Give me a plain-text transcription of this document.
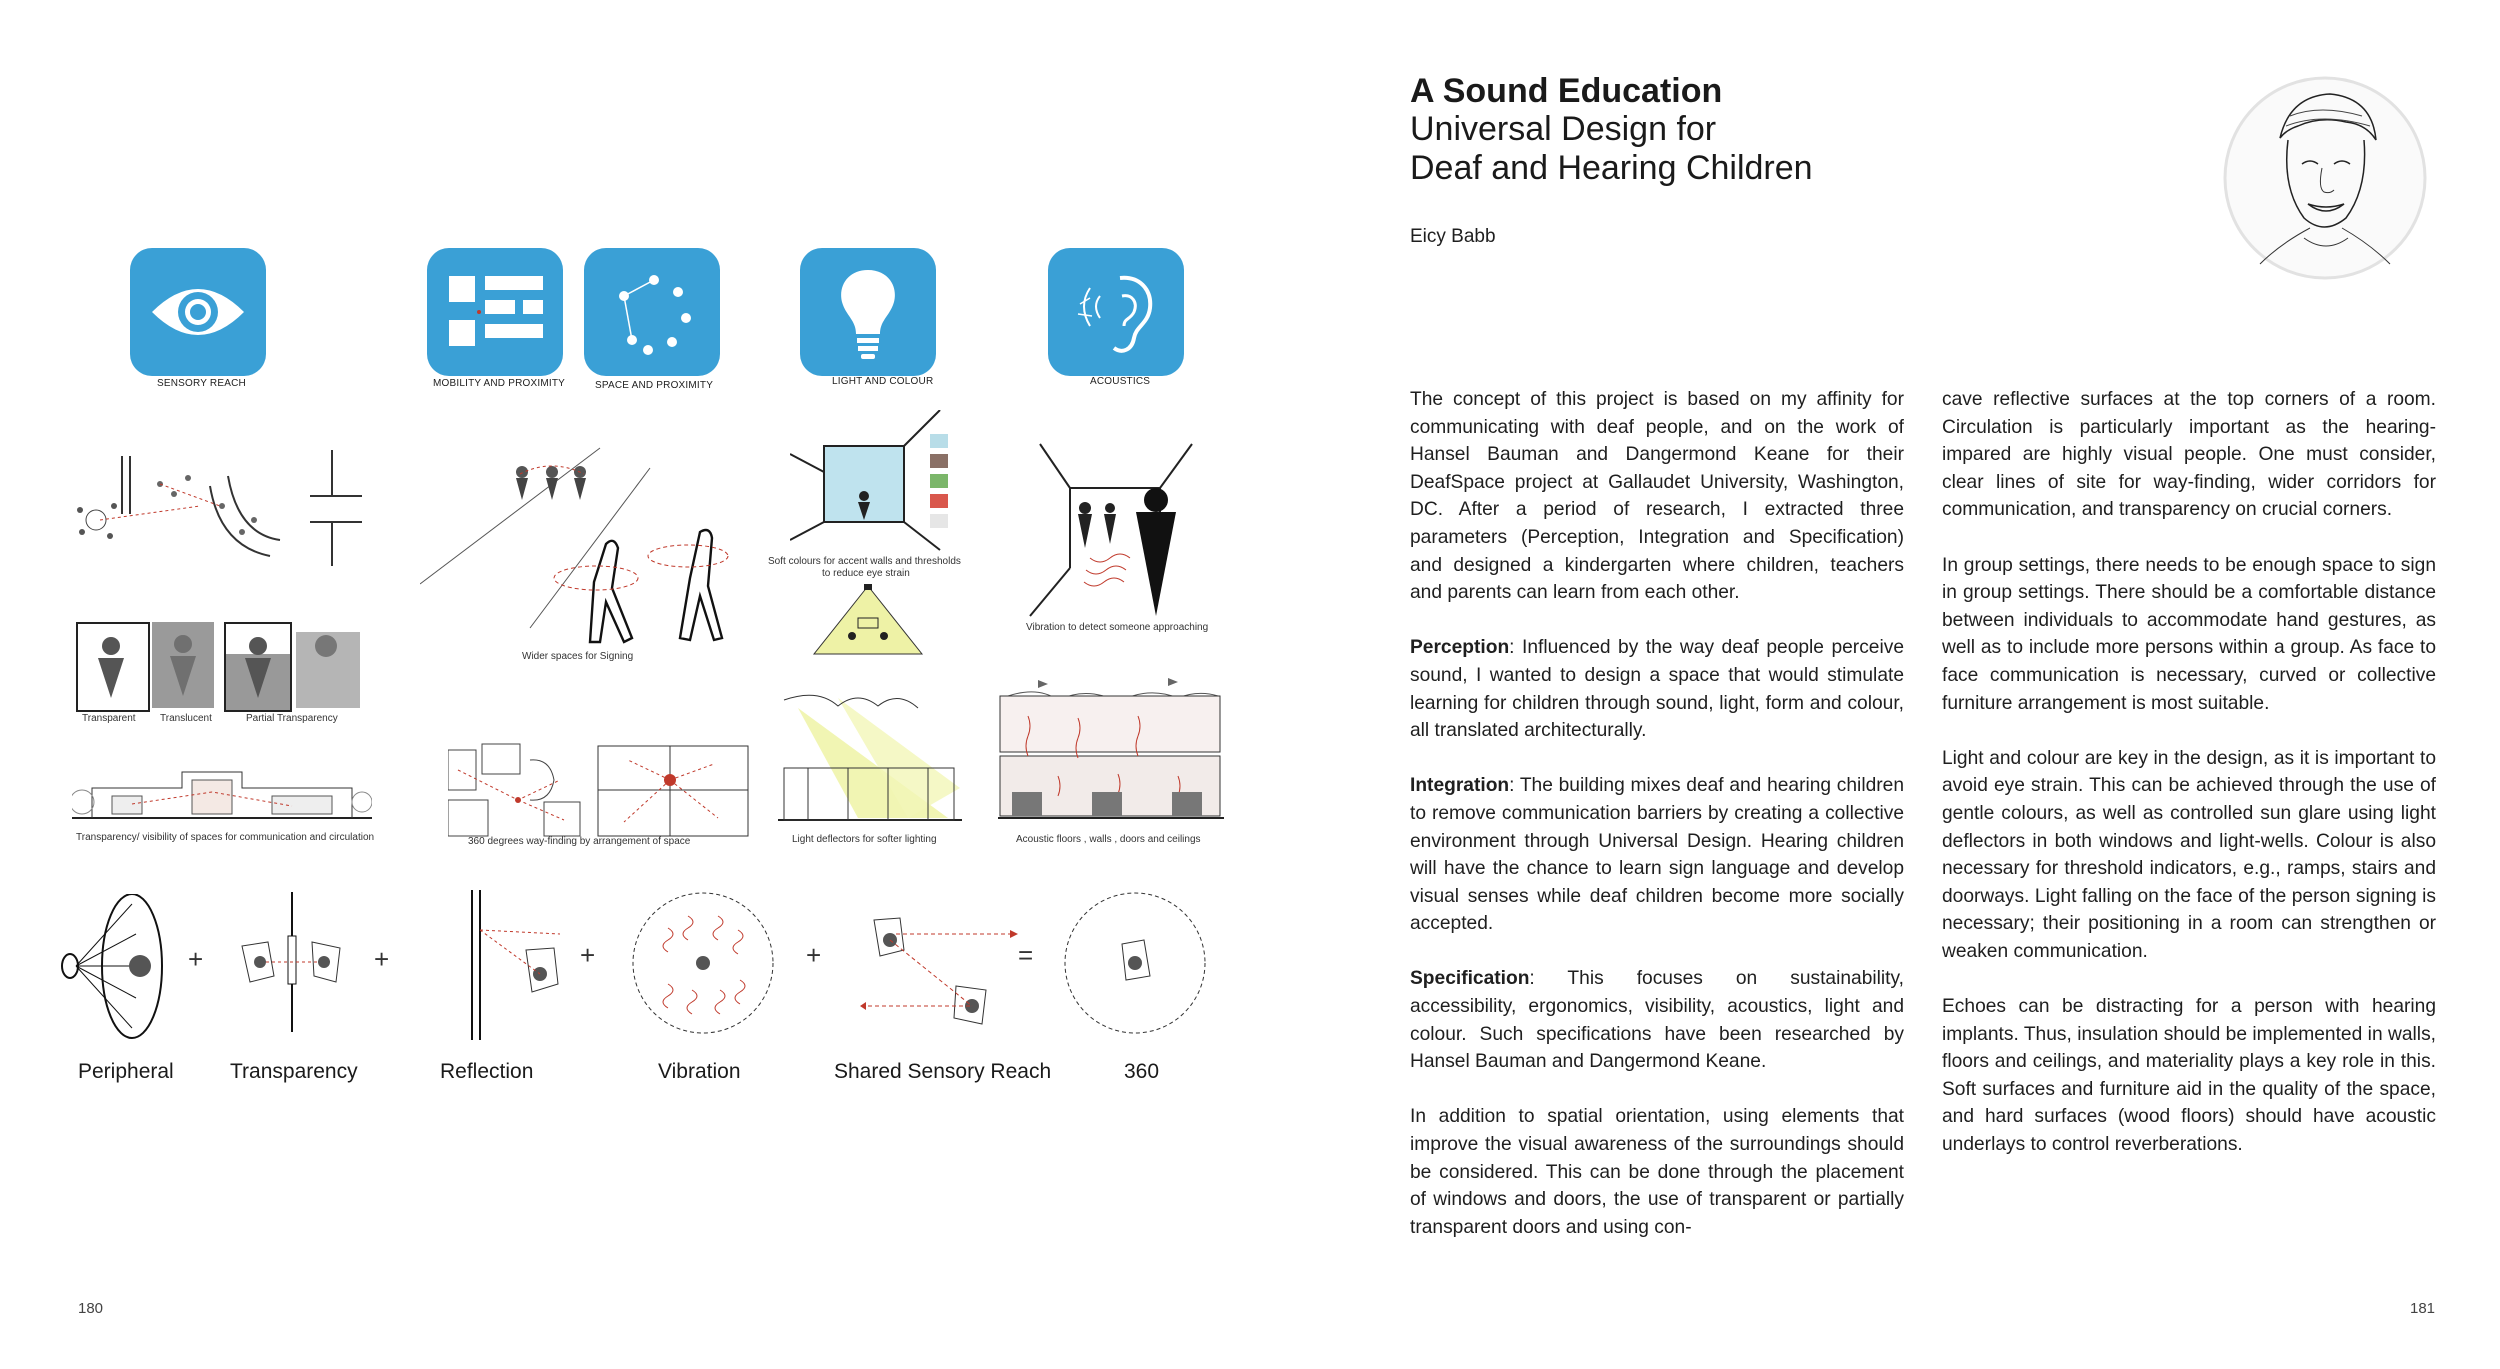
SENSORY REACH	MOBILITY AND PROXIMITY	SPACE AND PROXIMITY	LIGHT AND COLOUR	ACOUSTICS
Wider spaces for Signing
Soft colours for accent walls and thresholds
to reduce eye strain
Vibration to detect someone approaching
Transparent Translucent	Partial Transparency
Transparency/ visibility of spaces for communication and circulation	360 degrees way-finding by arrangement of space	Light deflectors for softer lighting	Acoustic floors , walls , doors and ceilings
+	+	+	+	=
Peripheral	Transparency	Reflection	Vibration	Shared Sensory Reach	360
180
A Sound Education
Universal Design for
Deaf and Hearing Children
Eicy Babb

The concept of this project is based on my affinity for communicating with deaf people, and on the work of Hansel Bauman and Dangermond Keane for their DeafSpace project at Gallaudet University, Washington, DC. After a period of research, I extracted three parameters (Perception, Integration and Specification) and designed a kindergarten where children, teachers and parents can learn from each other.

Perception: Influenced by the way deaf people perceive sound, I wanted to design a space that would stimulate learning for children through sound, light, form and colour, all translated architecturally.

Integration: The building mixes deaf and hearing children to remove communication barriers by creating a collective environment through Universal Design. Hearing children will have the chance to learn sign language and develop visual senses while deaf children become more socially accepted.

Specification: This focuses on sustainability, accessibility, ergonomics, visibility, acoustics, light and colour. Such specifications have been researched by Hansel Bauman and Dangermond Keane.

In addition to spatial orientation, using elements that improve the visual awareness of the surroundings should be considered. This can be done through the placement of windows and doors, the use of transparent or partially transparent doors and using con-

cave reflective surfaces at the top corners of a room. Circulation is particularly important as the hearing-impared are highly visual people. One must consider, clear lines of site for way-finding, wider corridors for communication, and transparency on crucial corners.

In group settings, there needs to be enough space to sign in group settings. There should be a comfortable distance between individuals to accommodate hand gestures, as well as to include more persons within a group. As face to face communication is necessary, curved or collective furniture arrangement is most suitable.

Light and colour are key in the design, as it is important to avoid eye strain. This can be achieved through the use of gentle colours, as well as controlled sun glare using light deflectors in both windows and light-wells. Colour is also necessary for threshold indicators, e.g., ramps, stairs and doorways. Light falling on the face of the person signing is necessary; their positioning in a room can strengthen or weaken communication.

Echoes can be distracting for a person with hearing implants. Thus, insulation should be implemented in walls, floors and ceilings, and materiality plays a key role in this. Soft surfaces and furniture aid in the quality of the space, and hard surfaces (wood floors) should have acoustic underlays to control reverberations.

181
